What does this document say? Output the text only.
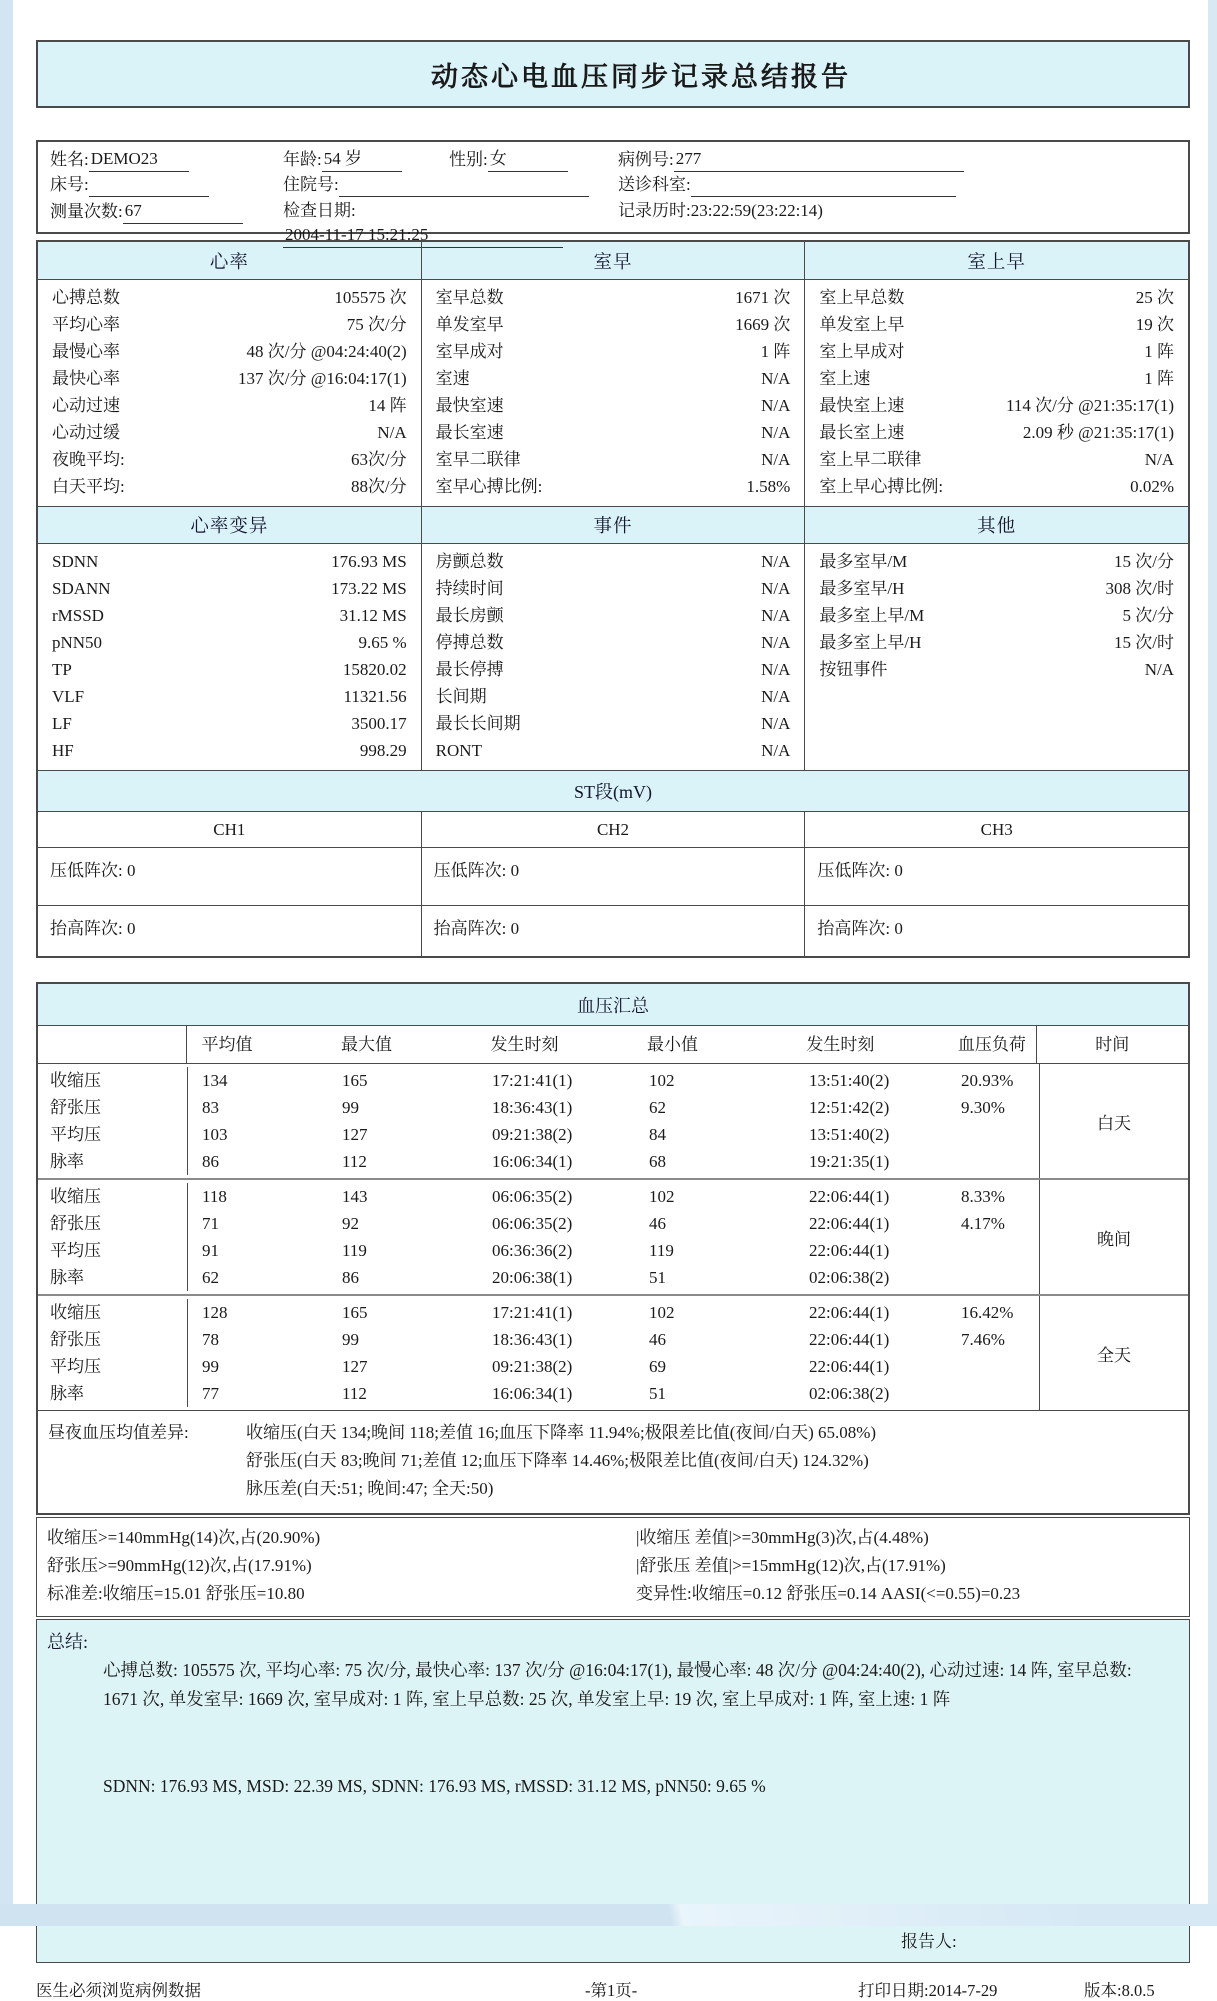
动态心电血压同步记录总结报告
姓名: DEMO23	年龄: 54 岁	性别: 女	病例号: 277
床号:	住院号:	送诊科室:
测量次数: 67	检查日期:2004-11-17 15:21:25
记录历时:23:22:59(23:22:14)
心率	室早	室上早
心搏总数	105575 次
平均心率	75 次/分
最慢心率	48 次/分 @04:24:40(2)
最快心率	137 次/分 @16:04:17(1)
心动过速	14 阵
心动过缓	N/A
夜晚平均:	63次/分
白天平均:	88次/分
室早总数	1671 次
单发室早	1669 次
室早成对	1 阵
室速	N/A
最快室速	N/A
最长室速	N/A
室早二联律	N/A
室早心搏比例:	1.58%
室上早总数	25 次
单发室上早	19 次
室上早成对	1 阵
室上速	1 阵
最快室上速	114 次/分 @21:35:17(1)
最长室上速	2.09 秒 @21:35:17(1)
室上早二联律	N/A
室上早心搏比例:	0.02%
心率变异	事件	其他
SDNN	176.93 MS
SDANN	173.22 MS
rMSSD	31.12 MS
pNN50	9.65 %
TP	15820.02
VLF	11321.56
LF	3500.17
HF	998.29
房颤总数	N/A
持续时间	N/A
最长房颤	N/A
停搏总数	N/A
最长停搏	N/A
长间期	N/A
最长长间期	N/A
RONT	N/A
最多室早/M	15 次/分
最多室早/H	308 次/时
最多室上早/M	5 次/分
最多室上早/H	15 次/时
按钮事件	N/A
ST段(mV)
CH1	CH2	CH3
压低阵次: 0	压低阵次: 0	压低阵次: 0
抬高阵次: 0	抬高阵次: 0	抬高阵次: 0
血压汇总
平均值	最大值	发生时刻	最小值	发生时刻	血压负荷	时间
收缩压	134	165	17:21:41(1)	102	13:51:40(2)	20.93%
舒张压	83	99	18:36:43(1)	62	12:51:42(2)	9.30%
平均压	103	127	09:21:38(2)	84	13:51:40(2)
脉率	86	112	16:06:34(1)	68	19:21:35(1)
白天
收缩压	118	143	06:06:35(2)	102	22:06:44(1)	8.33%
舒张压	71	92	06:06:35(2)	46	22:06:44(1)	4.17%
平均压	91	119	06:36:36(2)	119	22:06:44(1)
脉率	62	86	20:06:38(1)	51	02:06:38(2)
晚间
收缩压	128	165	17:21:41(1)	102	22:06:44(1)	16.42%
舒张压	78	99	18:36:43(1)	46	22:06:44(1)	7.46%
平均压	99	127	09:21:38(2)	69	22:06:44(1)
脉率	77	112	16:06:34(1)	51	02:06:38(2)
全天
昼夜血压均值差异:	收缩压(白天 134;晚间 118;差值 16;血压下降率 11.94%;极限差比值(夜间/白天) 65.08%)
舒张压(白天 83;晚间 71;差值 12;血压下降率 14.46%;极限差比值(夜间/白天) 124.32%)
脉压差(白天:51; 晚间:47; 全天:50)
收缩压>=140mmHg(14)次,占(20.90%)	|收缩压 差值|>=30mmHg(3)次,占(4.48%)
舒张压>=90mmHg(12)次,占(17.91%)	|舒张压 差值|>=15mmHg(12)次,占(17.91%)
标准差:收缩压=15.01 舒张压=10.80	变异性:收缩压=0.12 舒张压=0.14 AASI(<=0.55)=0.23
总结:
心搏总数: 105575 次, 平均心率: 75 次/分, 最快心率: 137 次/分 @16:04:17(1), 最慢心率: 48 次/分 @04:24:40(2), 心动过速: 14 阵, 室早总数: 1671 次, 单发室早: 1669 次, 室早成对: 1 阵, 室上早总数: 25 次, 单发室上早: 19 次, 室上早成对: 1 阵, 室上速: 1 阵
SDNN: 176.93 MS, MSD: 22.39 MS, SDNN: 176.93 MS, rMSSD: 31.12 MS, pNN50: 9.65 %
报告人:
医生必须浏览病例数据	-第1页-	打印日期:2014-7-29	版本:8.0.5
